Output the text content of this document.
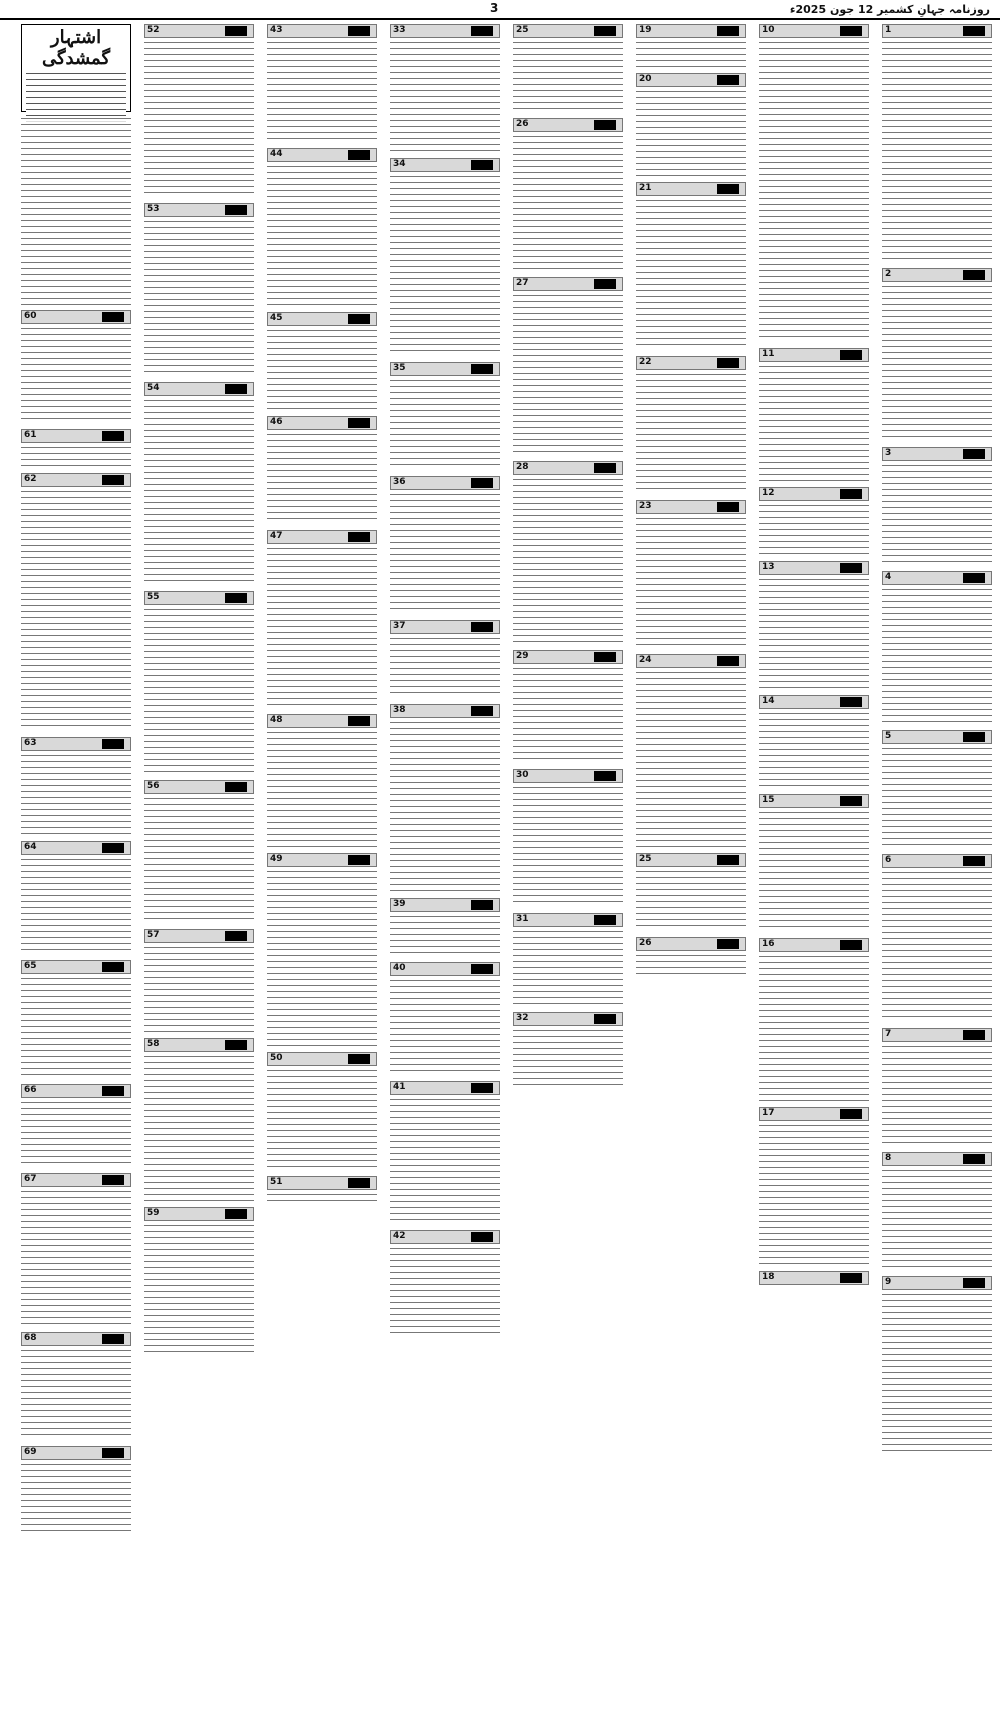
3	روزنامہ جہانِ کشمیر 12 جون 2025ء
1
2
3
4
5
6
7
8
9
10
11
12
13
14
15
16
17
18
19
20
21
22
23
24
25
26
25
26
27
28
29
30
31
32
33
34
35
36
37
38
39
40
41
42
43
44
45
46
47
48
49
50
51
52
53
54
55
56
57
58
59
اشتہار گمشدگی
60
61
62
63
64
65
66
67
68
69
